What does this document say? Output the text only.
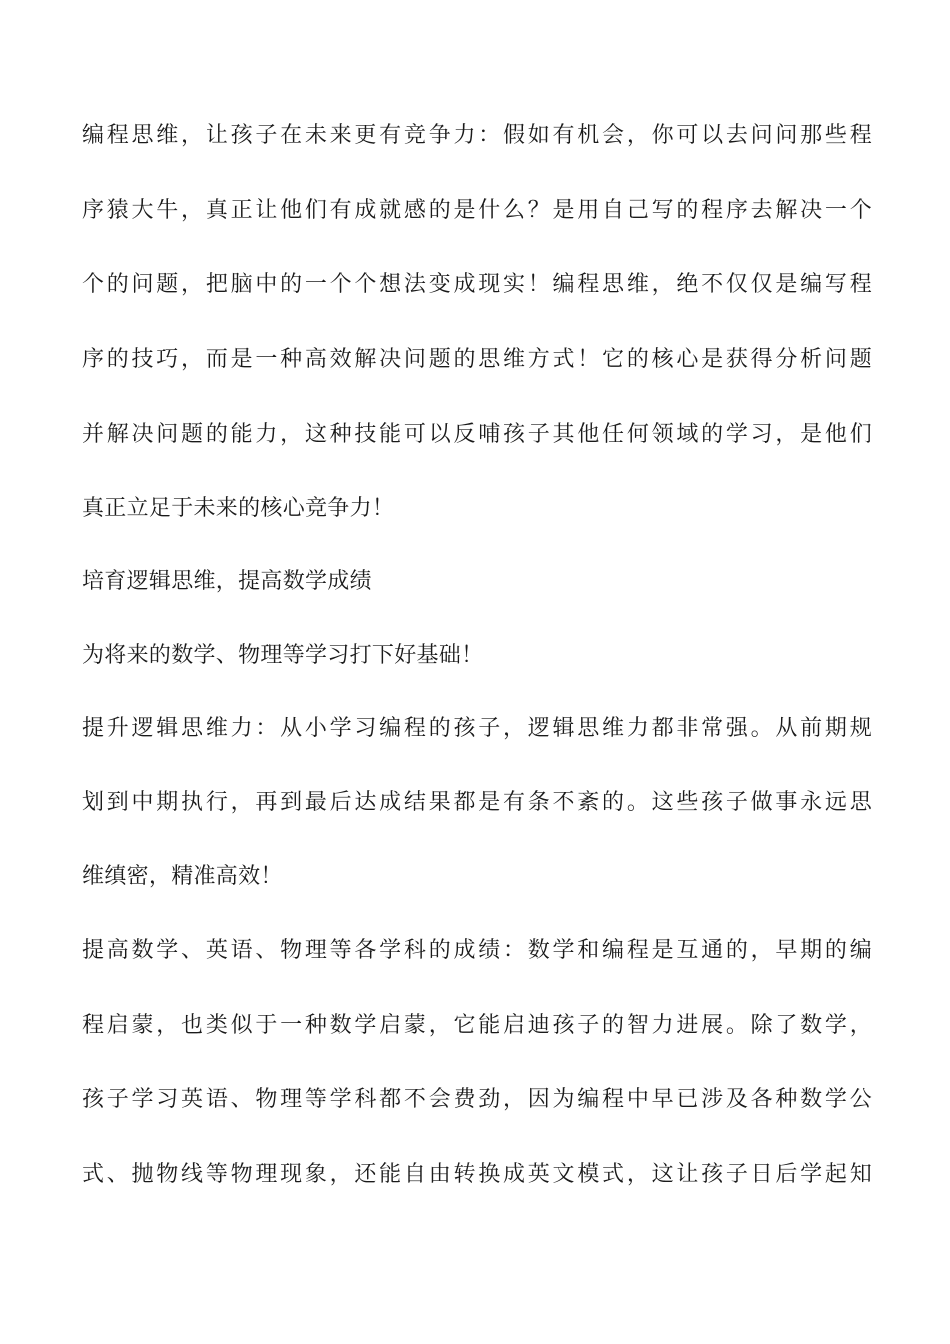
编程思维，让孩子在未来更有竞争力：假如有机会，你可以去问问那些程
序猿大牛，真正让他们有成就感的是什么？是用自己写的程序去解决一个
个的问题，把脑中的一个个想法变成现实！编程思维，绝不仅仅是编写程
序的技巧，而是一种高效解决问题的思维方式！它的核心是获得分析问题
并解决问题的能力，这种技能可以反哺孩子其他任何领域的学习，是他们
真正立足于未来的核心竞争力！
培育逻辑思维，提高数学成绩
为将来的数学、物理等学习打下好基础！
提升逻辑思维力：从小学习编程的孩子，逻辑思维力都非常强。从前期规
划到中期执行，再到最后达成结果都是有条不紊的。这些孩子做事永远思
维缜密，精准高效！
提高数学、英语、物理等各学科的成绩：数学和编程是互通的，早期的编
程启蒙，也类似于一种数学启蒙，它能启迪孩子的智力进展。除了数学，
孩子学习英语、物理等学科都不会费劲，因为编程中早已涉及各种数学公
式、抛物线等物理现象，还能自由转换成英文模式，这让孩子日后学起知
